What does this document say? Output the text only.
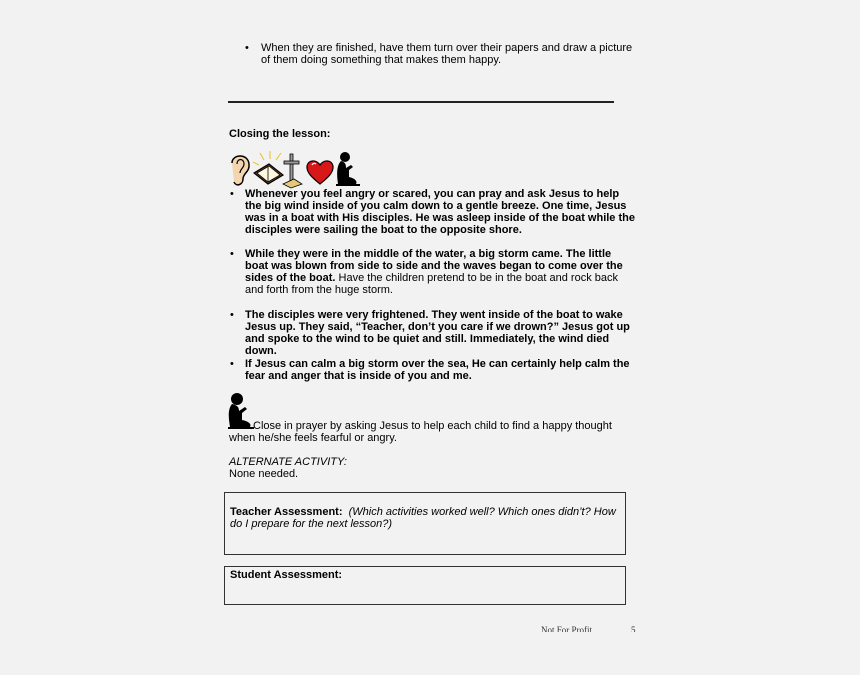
• When they are finished, have them turn over their papers and draw a picture of them doing something that makes them happy.
Closing the lesson:
• Whenever you feel angry or scared, you can pray and ask Jesus to help the big wind inside of you calm down to a gentle breeze. One time, Jesus was in a boat with His disciples. He was asleep inside of the boat while the disciples were sailing the boat to the opposite shore.
• While they were in the middle of the water, a big storm came. The little boat was blown from side to side and the waves began to come over the sides of the boat. Have the children pretend to be in the boat and rock back and forth from the huge storm.
• The disciples were very frightened. They went inside of the boat to wake Jesus up. They said, “Teacher, don’t you care if we drown?” Jesus got up and spoke to the wind to be quiet and still. Immediately, the wind died down.
• If Jesus can calm a big storm over the sea, He can certainly help calm the fear and anger that is inside of you and me.
Close in prayer by asking Jesus to help each child to find a happy thought when he/she feels fearful or angry.
ALTERNATE ACTIVITY:
None needed.
Teacher Assessment: (Which activities worked well? Which ones didn’t? How do I prepare for the next lesson?)
Student Assessment:
Not For Profit	5
